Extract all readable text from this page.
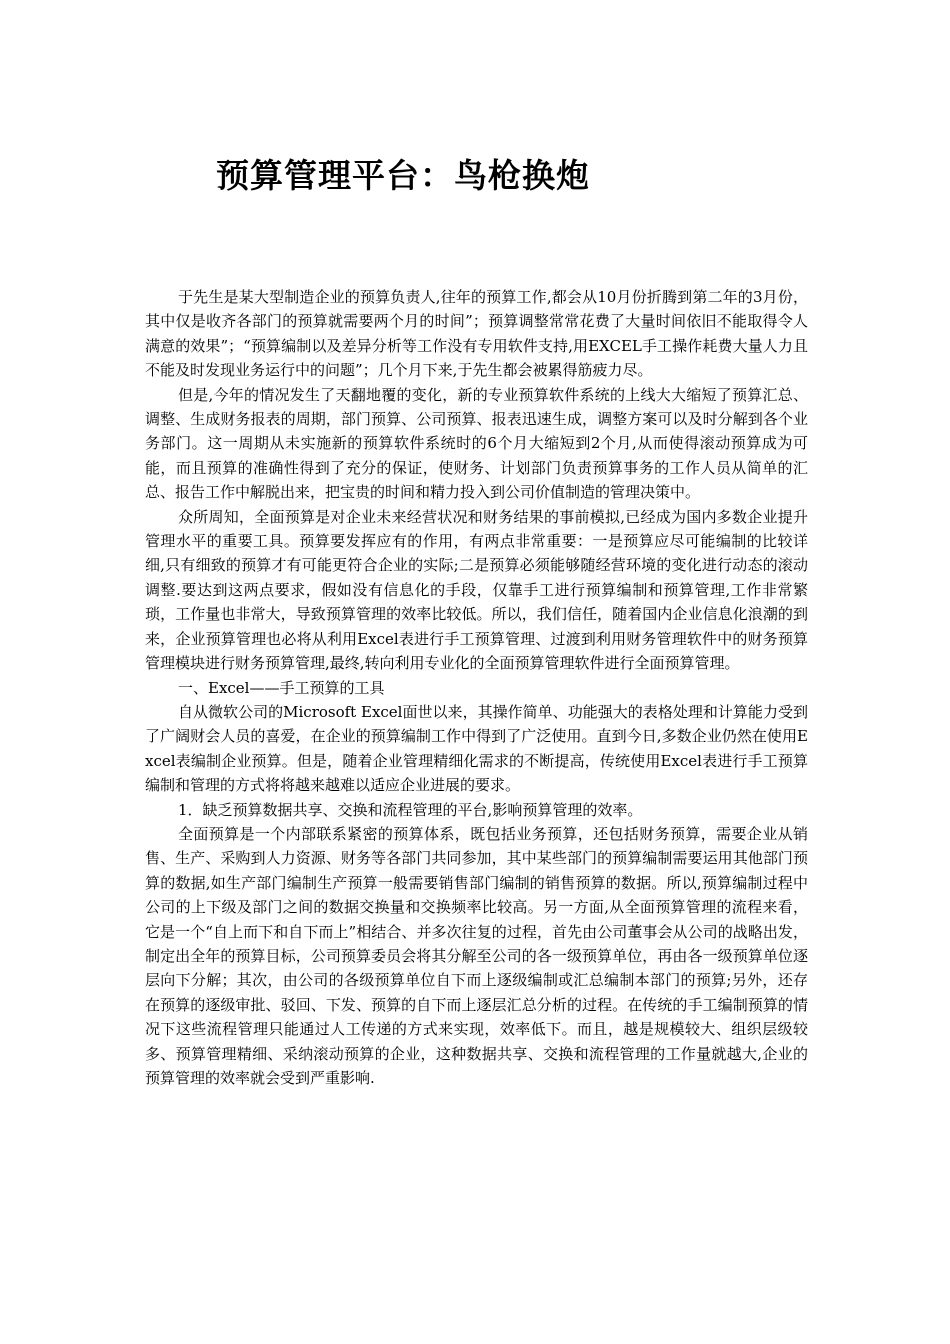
预算管理平台：鸟枪换炮

于先生是某大型制造企业的预算负责人,往年的预算工作,都会从10月份折腾到第二年的3月份，其中仅是收齐各部门的预算就需要两个月的时间”；预算调整常常花费了大量时间依旧不能取得令人满意的效果”；“预算编制以及差异分析等工作没有专用软件支持,用EXCEL手工操作耗费大量人力且不能及时发现业务运行中的问题”；几个月下来,于先生都会被累得筋疲力尽。

但是,今年的情况发生了天翻地覆的变化，新的专业预算软件系统的上线大大缩短了预算汇总、调整、生成财务报表的周期，部门预算、公司预算、报表迅速生成，调整方案可以及时分解到各个业务部门。这一周期从未实施新的预算软件系统时的6个月大缩短到2个月,从而使得滚动预算成为可能，而且预算的准确性得到了充分的保证，使财务、计划部门负责预算事务的工作人员从简单的汇总、报告工作中解脱出来，把宝贵的时间和精力投入到公司价值制造的管理决策中。

众所周知，全面预算是对企业未来经营状况和财务结果的事前模拟,已经成为国内多数企业提升管理水平的重要工具。预算要发挥应有的作用，有两点非常重要：一是预算应尽可能编制的比较详细,只有细致的预算才有可能更符合企业的实际;二是预算必须能够随经营环境的变化进行动态的滚动调整.要达到这两点要求，假如没有信息化的手段，仅靠手工进行预算编制和预算管理,工作非常繁琐，工作量也非常大，导致预算管理的效率比较低。所以，我们信任，随着国内企业信息化浪潮的到来，企业预算管理也必将从利用Excel表进行手工预算管理、过渡到利用财务管理软件中的财务预算管理模块进行财务预算管理,最终,转向利用专业化的全面预算管理软件进行全面预算管理。

一、Excel——手工预算的工具

自从微软公司的Microsoft Excel面世以来，其操作简单、功能强大的表格处理和计算能力受到了广阔财会人员的喜爱，在企业的预算编制工作中得到了广泛使用。直到今日,多数企业仍然在使用Excel表编制企业预算。但是，随着企业管理精细化需求的不断提高，传统使用Excel表进行手工预算编制和管理的方式将将越来越难以适应企业进展的要求。

1．缺乏预算数据共享、交换和流程管理的平台,影响预算管理的效率。

全面预算是一个内部联系紧密的预算体系，既包括业务预算，还包括财务预算，需要企业从销售、生产、采购到人力资源、财务等各部门共同参加，其中某些部门的预算编制需要运用其他部门预算的数据,如生产部门编制生产预算一般需要销售部门编制的销售预算的数据。所以,预算编制过程中公司的上下级及部门之间的数据交换量和交换频率比较高。另一方面,从全面预算管理的流程来看，它是一个“自上而下和自下而上”相结合、并多次往复的过程，首先由公司董事会从公司的战略出发，制定出全年的预算目标，公司预算委员会将其分解至公司的各一级预算单位，再由各一级预算单位逐层向下分解；其次，由公司的各级预算单位自下而上逐级编制或汇总编制本部门的预算;另外，还存在预算的逐级审批、驳回、下发、预算的自下而上逐层汇总分析的过程。在传统的手工编制预算的情况下这些流程管理只能通过人工传递的方式来实现，效率低下。而且，越是规模较大、组织层级较多、预算管理精细、采纳滚动预算的企业，这种数据共享、交换和流程管理的工作量就越大,企业的预算管理的效率就会受到严重影响.
